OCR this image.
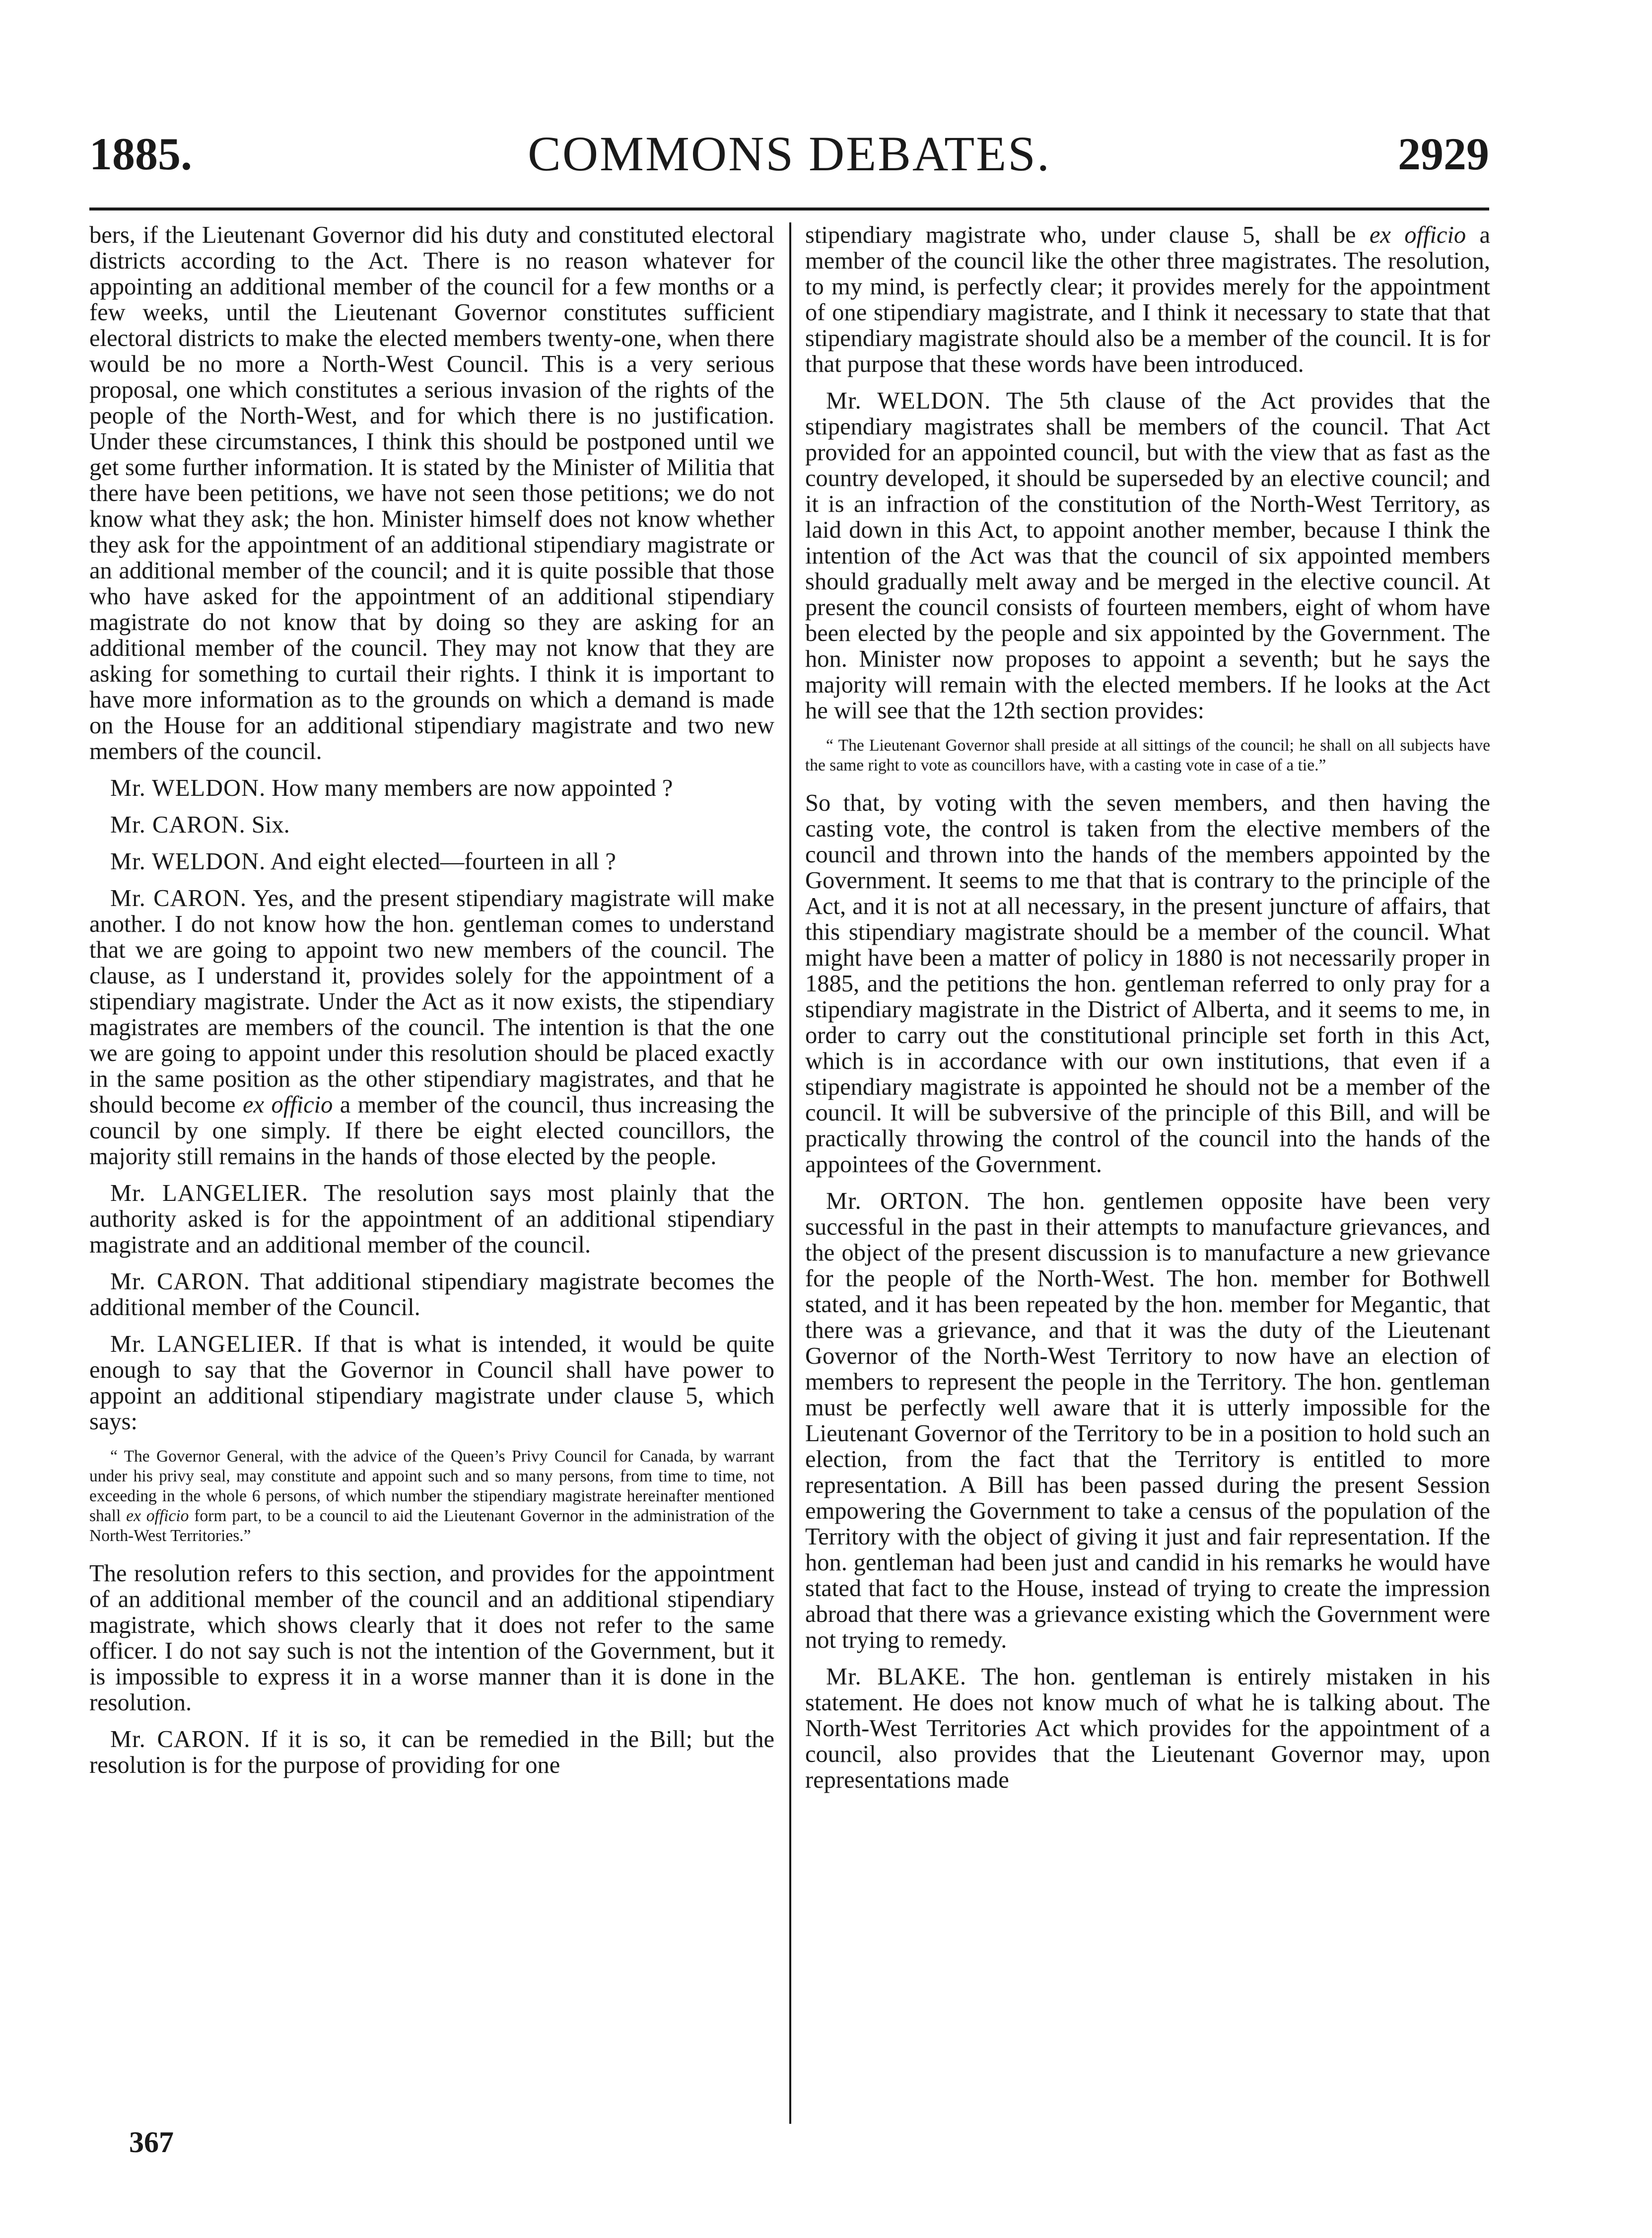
1885.	COMMONS DEBATES.	2929

bers, if the Lieutenant Governor did his duty and constituted electoral districts according to the Act. There is no reason whatever for appointing an additional member of the council for a few months or a few weeks, until the Lieutenant Governor constitutes sufficient electoral districts to make the elected members twenty-one, when there would be no more a North-West Council. This is a very serious proposal, one which constitutes a serious invasion of the rights of the people of the North-West, and for which there is no justification. Under these circumstances, I think this should be postponed until we get some further information. It is stated by the Minister of Militia that there have been petitions, we have not seen those petitions; we do not know what they ask; the hon. Minister himself does not know whether they ask for the appointment of an additional stipendiary magistrate or an additional member of the council; and it is quite possible that those who have asked for the appointment of an additional stipendiary magistrate do not know that by doing so they are asking for an additional member of the council. They may not know that they are asking for something to curtail their rights. I think it is important to have more information as to the grounds on which a demand is made on the House for an additional stipendiary magistrate and two new members of the council.

Mr. WELDON. How many members are now appointed ?

Mr. CARON. Six.

Mr. WELDON. And eight elected—fourteen in all ?

Mr. CARON. Yes, and the present stipendiary magistrate will make another. I do not know how the hon. gentleman comes to understand that we are going to appoint two new members of the council. The clause, as I understand it, provides solely for the appointment of a stipendiary magistrate. Under the Act as it now exists, the stipendiary magistrates are members of the council. The intention is that the one we are going to appoint under this resolution should be placed exactly in the same position as the other stipendiary magistrates, and that he should become ex officio a member of the council, thus increasing the council by one simply. If there be eight elected councillors, the majority still remains in the hands of those elected by the people.

Mr. LANGELIER. The resolution says most plainly that the authority asked is for the appointment of an additional stipendiary magistrate and an additional member of the council.

Mr. CARON. That additional stipendiary magistrate becomes the additional member of the Council.

Mr. LANGELIER. If that is what is intended, it would be quite enough to say that the Governor in Council shall have power to appoint an additional stipendiary magistrate under clause 5, which says:

“ The Governor General, with the advice of the Queen’s Privy Council for Canada, by warrant under his privy seal, may constitute and appoint such and so many persons, from time to time, not exceeding in the whole 6 persons, of which number the stipendiary magistrate hereinafter mentioned shall ex officio form part, to be a council to aid the Lieutenant Governor in the administration of the North-West Territories.”

The resolution refers to this section, and provides for the appointment of an additional member of the council and an additional stipendiary magistrate, which shows clearly that it does not refer to the same officer. I do not say such is not the intention of the Government, but it is impossible to express it in a worse manner than it is done in the resolution.

Mr. CARON. If it is so, it can be remedied in the Bill; but the resolution is for the purpose of providing for one

stipendiary magistrate who, under clause 5, shall be ex officio a member of the council like the other three magistrates. The resolution, to my mind, is perfectly clear; it provides merely for the appointment of one stipendiary magistrate, and I think it necessary to state that that stipendiary magistrate should also be a member of the council. It is for that purpose that these words have been introduced.

Mr. WELDON. The 5th clause of the Act provides that the stipendiary magistrates shall be members of the council. That Act provided for an appointed council, but with the view that as fast as the country developed, it should be superseded by an elective council; and it is an infraction of the constitution of the North-West Territory, as laid down in this Act, to appoint another member, because I think the intention of the Act was that the council of six appointed members should gradually melt away and be merged in the elective council. At present the council consists of fourteen members, eight of whom have been elected by the people and six appointed by the Government. The hon. Minister now proposes to appoint a seventh; but he says the majority will remain with the elected members. If he looks at the Act he will see that the 12th section provides:

“ The Lieutenant Governor shall preside at all sittings of the council; he shall on all subjects have the same right to vote as councillors have, with a casting vote in case of a tie.”

So that, by voting with the seven members, and then having the casting vote, the control is taken from the elective members of the council and thrown into the hands of the members appointed by the Government. It seems to me that that is contrary to the principle of the Act, and it is not at all necessary, in the present juncture of affairs, that this stipendiary magistrate should be a member of the council. What might have been a matter of policy in 1880 is not necessarily proper in 1885, and the petitions the hon. gentleman referred to only pray for a stipendiary magistrate in the District of Alberta, and it seems to me, in order to carry out the constitutional principle set forth in this Act, which is in accordance with our own institutions, that even if a stipendiary magistrate is appointed he should not be a member of the council. It will be subversive of the principle of this Bill, and will be practically throwing the control of the council into the hands of the appointees of the Government.

Mr. ORTON. The hon. gentlemen opposite have been very successful in the past in their attempts to manufacture grievances, and the object of the present discussion is to manufacture a new grievance for the people of the North-West. The hon. member for Bothwell stated, and it has been repeated by the hon. member for Megantic, that there was a grievance, and that it was the duty of the Lieutenant Governor of the North-West Territory to now have an election of members to represent the people in the Territory. The hon. gentleman must be perfectly well aware that it is utterly impossible for the Lieutenant Governor of the Territory to be in a position to hold such an election, from the fact that the Territory is entitled to more representation. A Bill has been passed during the present Session empowering the Government to take a census of the population of the Territory with the object of giving it just and fair representation. If the hon. gentleman had been just and candid in his remarks he would have stated that fact to the House, instead of trying to create the impression abroad that there was a grievance existing which the Government were not trying to remedy.

Mr. BLAKE. The hon. gentleman is entirely mistaken in his statement. He does not know much of what he is talking about. The North-West Territories Act which provides for the appointment of a council, also provides that the Lieutenant Governor may, upon representations made

367
